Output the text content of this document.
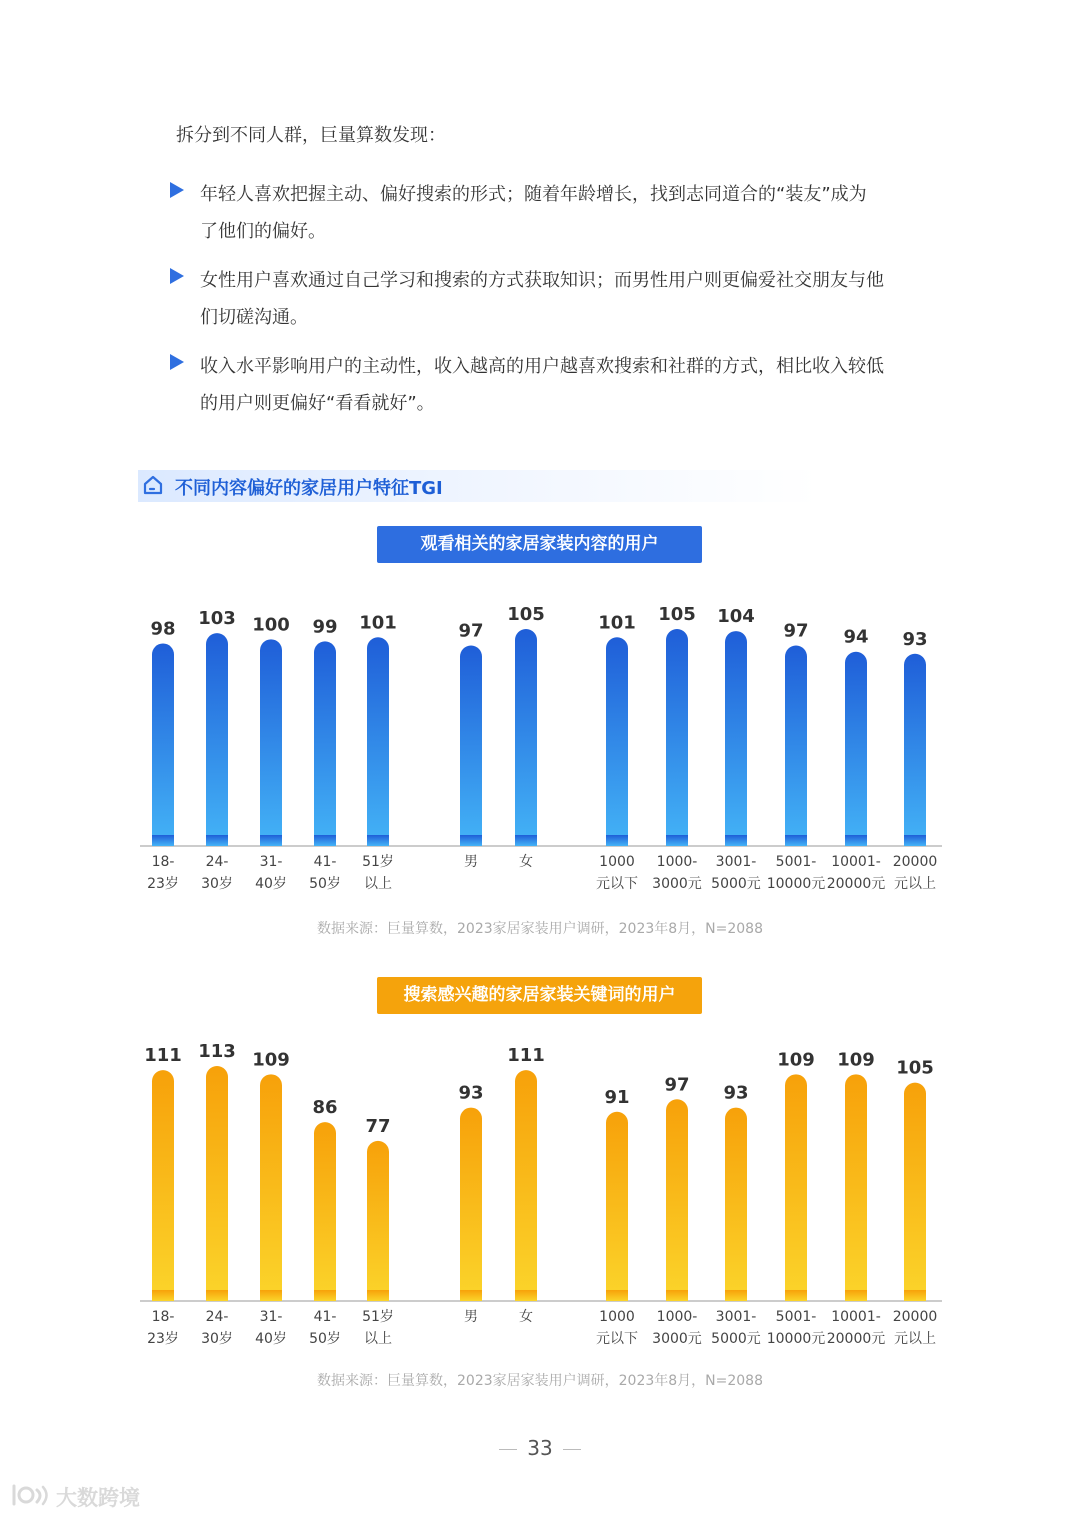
拆分到不同人群，巨量算数发现：
年轻人喜欢把握主动、偏好搜索的形式；随着年龄增长，找到志同道合的“装友”成为
了他们的偏好。
女性用户喜欢通过自己学习和搜索的方式获取知识；而男性用户则更偏爱社交朋友与他
们切磋沟通。
收入水平影响用户的主动性，收入越高的用户越喜欢搜索和社群的方式，相比收入较低
的用户则更偏好“看看就好”。
不同内容偏好的家居用户特征TGI
观看相关的家居家装内容的用户
搜索感兴趣的家居家装关键词的用户
98
18-
23岁
103
24-
30岁
100
31-
40岁
99
41-
50岁
101
51岁
以上
97
男
105
女
101
1000
元以下
105
1000-
3000元
104
3001-
5000元
97
5001-
10000元
94
10001-
20000元
93
20000
元以上
111
18-
23岁
113
24-
30岁
109
31-
40岁
86
41-
50岁
77
51岁
以上
93
男
111
女
91
1000
元以下
97
1000-
3000元
93
3001-
5000元
109
5001-
10000元
109
10001-
20000元
105
20000
元以上
数据来源：巨量算数，2023家居家装用户调研，2023年8月，N=2088
数据来源：巨量算数，2023家居家装用户调研，2023年8月，N=2088
33
大数跨境
